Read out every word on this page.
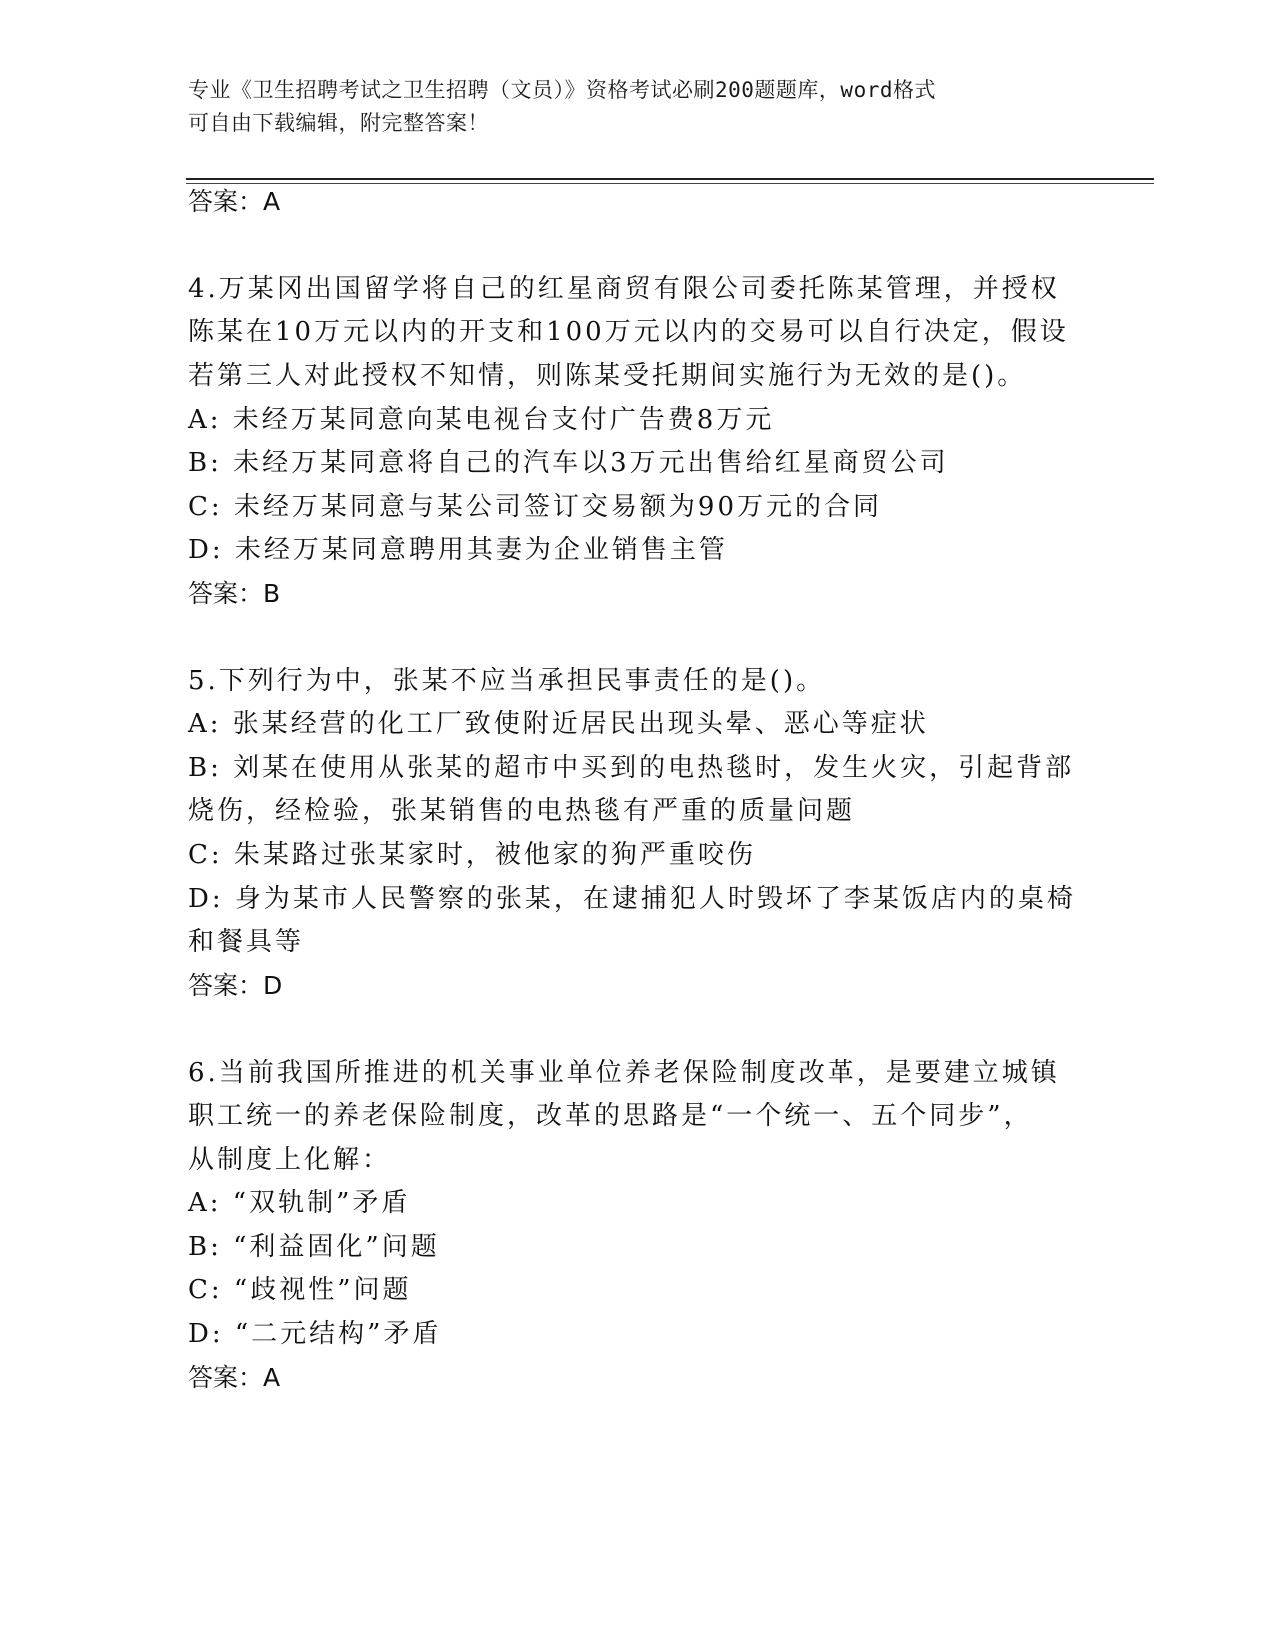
专业《卫生招聘考试之卫生招聘（文员）》资格考试必刷200题题库，word格式
可自由下载编辑，附完整答案！
答案：A
4.万某冈出国留学将自己的红星商贸有限公司委托陈某管理，并授权
陈某在10万元以内的开支和100万元以内的交易可以自行决定，假设
若第三人对此授权不知情，则陈某受托期间实施行为无效的是()。
A: 未经万某同意向某电视台支付广告费8万元
B: 未经万某同意将自己的汽车以3万元出售给红星商贸公司
C: 未经万某同意与某公司签订交易额为90万元的合同
D: 未经万某同意聘用其妻为企业销售主管
答案：B
5.下列行为中，张某不应当承担民事责任的是()。
A: 张某经营的化工厂致使附近居民出现头晕、恶心等症状
B: 刘某在使用从张某的超市中买到的电热毯时，发生火灾，引起背部
烧伤，经检验，张某销售的电热毯有严重的质量问题
C: 朱某路过张某家时，被他家的狗严重咬伤
D: 身为某市人民警察的张某，在逮捕犯人时毁坏了李某饭店内的桌椅
和餐具等
答案：D
6.当前我国所推进的机关事业单位养老保险制度改革，是要建立城镇
职工统一的养老保险制度，改革的思路是“一个统一、五个同步”，
从制度上化解：
A: “双轨制”矛盾
B: “利益固化”问题
C: “歧视性”问题
D: “二元结构”矛盾
答案：A
